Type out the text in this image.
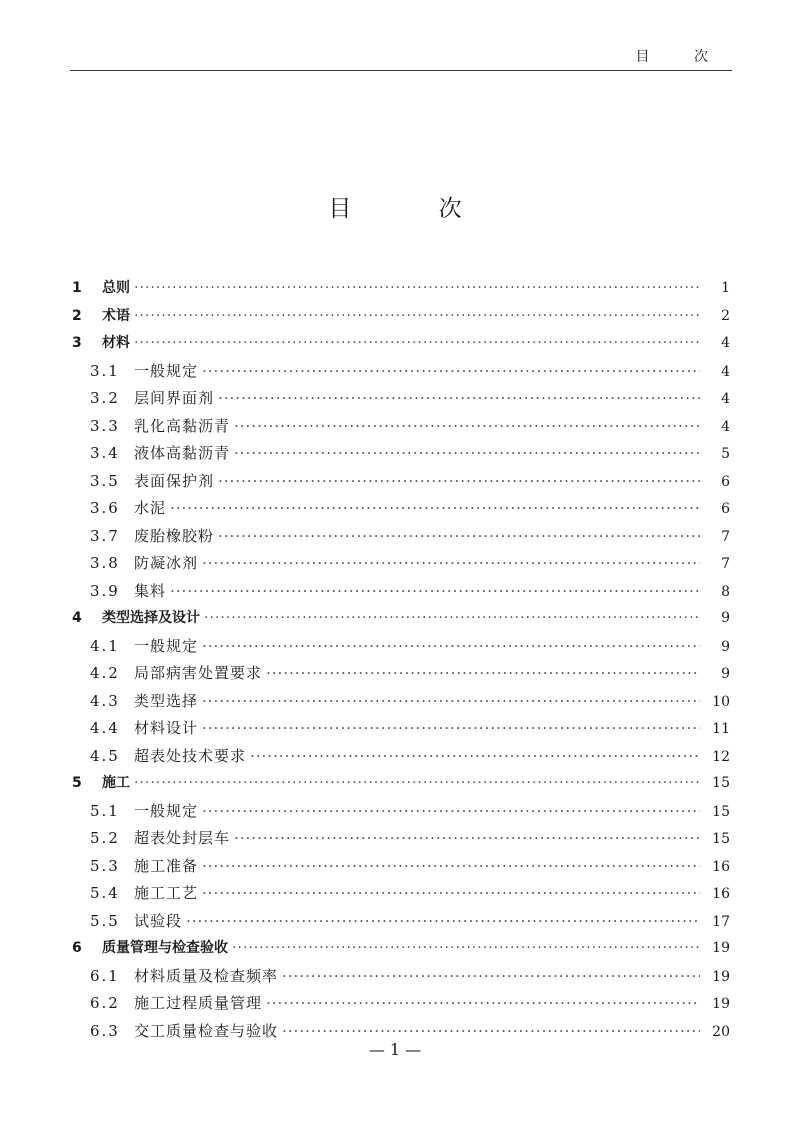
目 次
目 次
1	总则 ·····	1
2	术语 ·····	2
3	材料 ·····	4
3.1 一般规定 ·····	4
3.2 层间界面剂 ·····	4
3.3 乳化高黏沥青 ·····	4
3.4 液体高黏沥青 ·····	5
3.5 表面保护剂 ·····	6
3.6 水泥 ·····	6
3.7 废胎橡胶粉 ·····	7
3.8 防凝冰剂 ·····	7
3.9 集料 ·····	8
4	类型选择及设计 ·····	9
4.1 一般规定 ·····	9
4.2 局部病害处置要求 ·····	9
4.3 类型选择 ·····	10
4.4 材料设计 ·····	11
4.5 超表处技术要求 ·····	12
5	施工 ·····	15
5.1 一般规定 ·····	15
5.2 超表处封层车 ·····	15
5.3 施工准备 ·····	16
5.4 施工工艺 ·····	16
5.5 试验段 ·····	17
6	质量管理与检查验收 ·····	19
6.1 材料质量及检查频率 ·····	19
6.2 施工过程质量管理 ·····	19
6.3 交工质量检查与验收 ·····	20
— 1 —
